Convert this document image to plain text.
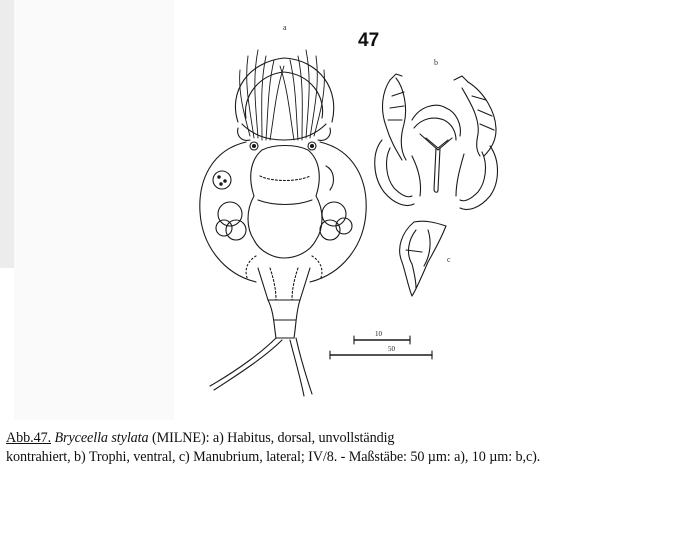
47
a
b
c
10
50
Abb.47. Bryceella stylata (MILNE): a) Habitus, dorsal, unvollständig
kontrahiert, b) Trophi, ventral, c) Manubrium, lateral; IV/8. - Maßstäbe: 50 µm: a), 10 µm: b,c).
